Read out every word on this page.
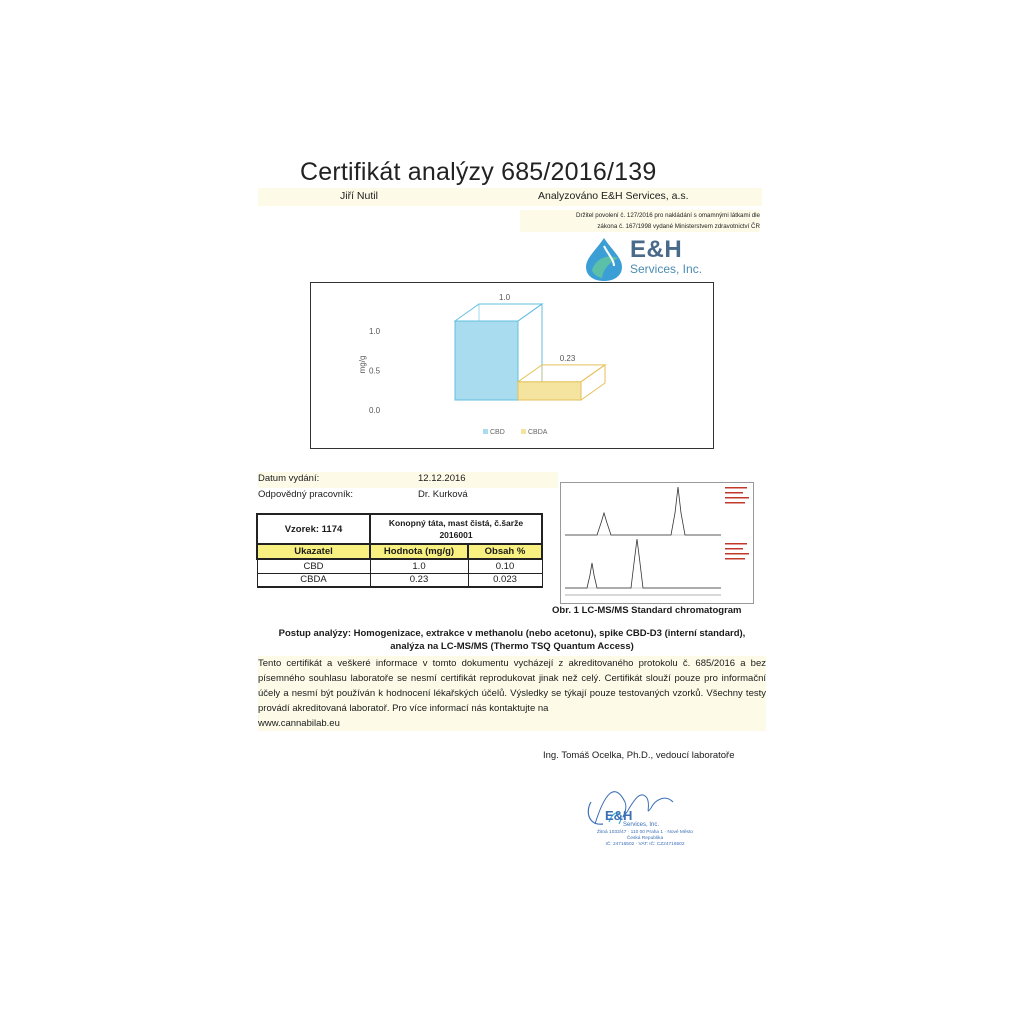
Certifikát analýzy 685/2016/139
Jiří Nutil	Analyzováno E&H Services, a.s.
Držitel povolení č. 127/2016 pro nakládání s omamnými látkami dle
zákona č. 167/1998 vydané Ministerstvem zdravotnictví ČR
E&H
Services, Inc.
0.0
0.5
1.0
mg/g
1.0
0.23
CBD	CBDA
Datum vydání:	12.12.2016
Odpovědný pracovník:	Dr. Kurková
Vzorek: 1174	Konopný táta, mast čistá, č.šarže
2016001	

Ukazatel	Hodnota (mg/g)	Obsah %
CBD	1.0	0.10
CBDA	0.23	0.023
Obr. 1 LC-MS/MS Standard chromatogram
Postup analýzy: Homogenizace, extrakce v methanolu (nebo acetonu), spike CBD-D3 (interní standard),
analýza na LC-MS/MS (Thermo TSQ Quantum Access)

Tento certifikát a veškeré informace v tomto dokumentu vycházejí z akreditovaného protokolu č. 685/2016 a bez písemného souhlasu laboratoře se nesmí certifikát reprodukovat jinak než celý. Certifikát slouží pouze pro informační účely a nesmí být používán k hodnocení lékařských účelů. Výsledky se týkají pouze testovaných vzorků. Všechny testy provádí akreditovaná laboratoř. Pro více informací nás kontaktujte na

www.cannabilab.eu

Ing. Tomáš Ocelka, Ph.D., vedoucí laboratoře
E&H
Services, Inc.
Žitná 1033/47 · 110 00 Praha 1 · Nové Město
Česká Republika
IČ: 24716502 · VAT: IČ: CZ24716502
